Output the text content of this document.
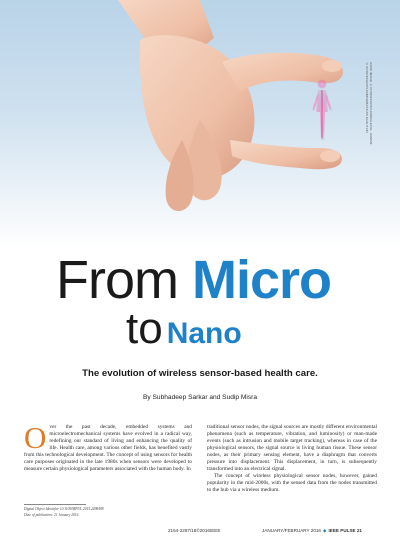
HAND IMAGE ©ISTOCKPHOTO.COM/ALEXSL. HUMAN: ©ISTOCKPHOTO.COM/SEBASTIAN KAULITZKI
From Micro
to Nano
The evolution of wireless sensor-based health care.
By Subhadeep Sarkar and Sudip Misra
O ver the past decade, embedded systems and microelectromechanical systems have evolved in a radical way, redefining our standard of living and enhancing the quality of life. Health care, among various other fields, has benefited vastly from this technological development. The concept of using sensors for health care purposes originated in the late 1980s when sensors were developed to measure certain physiological parameters associated with the human body. In

traditional sensor nodes, the signal sources are mostly different environmental phenomena (such as temperature, vibration, and luminosity) or man-made events (such as intrusion and mobile target tracking), whereas in case of the physiological sensors, the signal source is living human tissue. These sensor nodes, as their primary sensing element, have a diaphragm that converts pressure into displacement. This displacement, in turn, is subsequently transformed into an electrical signal.

The concept of wireless physiological sensor nodes, however, gained popularity in the mid-2000s, with the sensed data from the nodes transmitted to the hub via a wireless medium.

Digital Object Identifier 10.1109/MPUL.2015.2498498
Date of publication: 21 January 2016
2154-2287/16©2016IEEE	JANUARY/FEBRUARY 2016 ◆ IEEE PULSE 21
